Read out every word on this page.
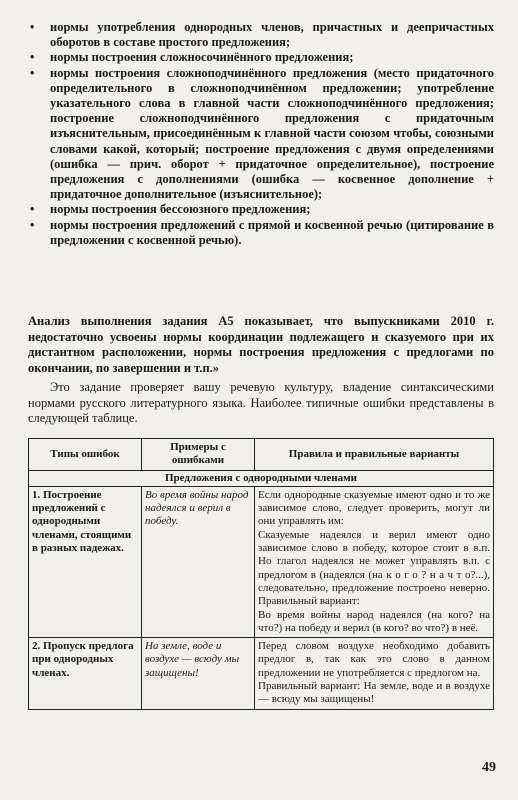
• нормы употребления однородных членов, причастных и деепричастных оборотов в составе простого предложения;
• нормы построения сложносочинённого предложения;
• нормы построения сложноподчинённого предложения (место придаточного определительного в сложноподчинённом предложении; употребление указательного слова в главной части сложноподчинённого предложения; построение сложноподчинённого предложения с придаточным изъяснительным, присоединённым к главной части союзом чтобы, союзными словами какой, который; построение предложения с двумя определениями (ошибка — прич. оборот + придаточное определительное), построение предложения с дополнениями (ошибка — косвенное дополнение + придаточное дополнительное (изъяснительное);
• нормы построения бессоюзного предложения;
• нормы построения предложений с прямой и косвенной речью (цитирование в предложении с косвенной речью).

Анализ выполнения задания А5 показывает, что выпускниками 2010 г. недостаточно усвоены нормы координации подлежащего и сказуемого при их дистантном расположении, нормы построения предложения с предлогами по окончании, по завершении и т.п.»

Это задание проверяет вашу речевую культуру, владение синтаксическими нормами русского литературного языка. Наиболее типичные ошибки представлены в следующей таблице.

Типы ошибок	Примеры с ошибками	Правила и правильные варианты
Предложения с однородными членами		
1. Построение предложений с однородными членами, стоящими в разных падежах.	Во время войны народ надеялся и верил в победу.	Если однородные сказуемые имеют одно и то же зависимое слово, следует проверить, могут ли они управлять им:

Сказуемые надеялся и верил имеют одно зависимое слово в победу, которое стоит в в.п. Но глагол надеялся не может управлять в.п. с предлогом в (надеялся (на к о г о ? н а ч т о?...), следовательно, предложение построено неверно. Правильный вариант:

Во время войны народ надеялся (на кого? на что?) на победу и верил (в кого? во что?) в неё.

2. Пропуск предлога при однородных членах.	На земле, воде и воздухе — всюду мы защищены!	Перед словом воздухе необходимо добавить предлог в, так как это слово в данном предложении не употребляется с предлогом на.

Правильный вариант: На земле, воде и в воздухе — всюду мы защищены!

49
